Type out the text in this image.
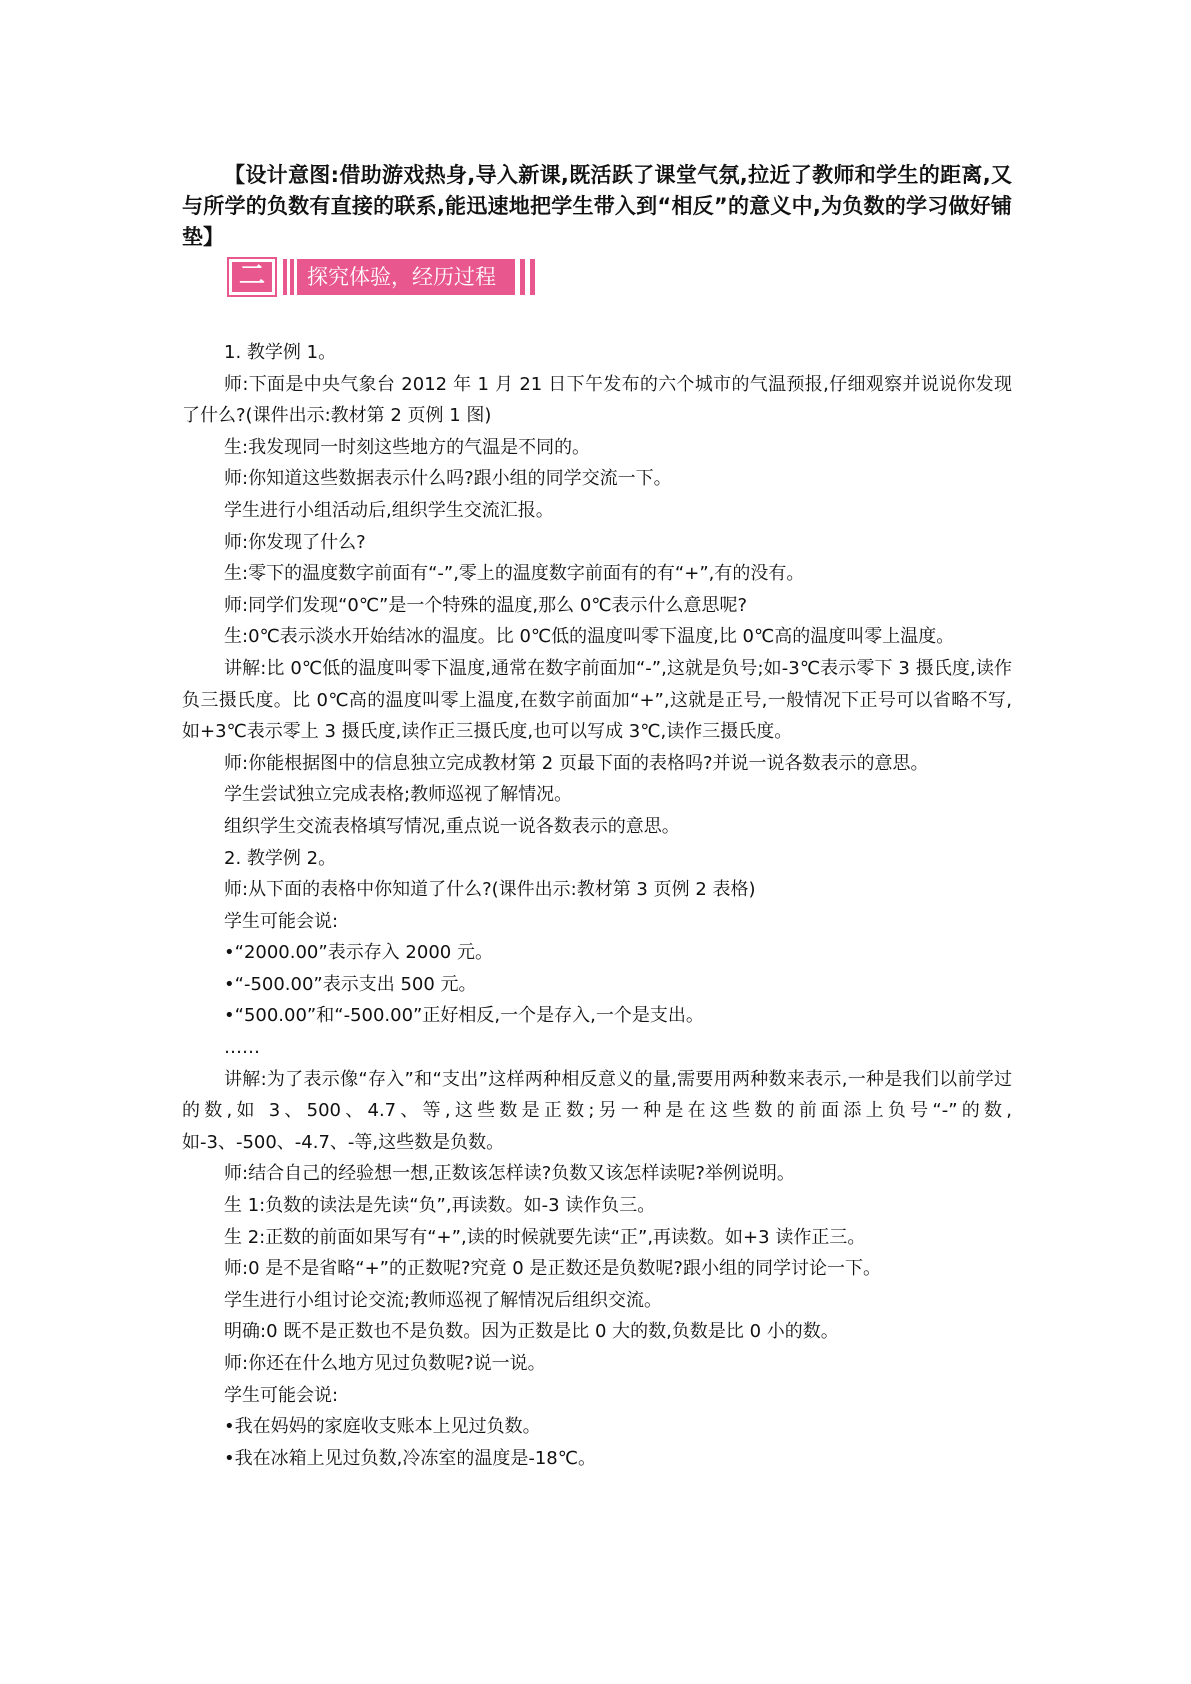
【设计意图:借助游戏热身,导入新课,既活跃了课堂气氛,拉近了教师和学生的距离,又与所学的负数有直接的联系,能迅速地把学生带入到“相反”的意义中,为负数的学习做好铺垫】

二	探究体验，经历过程

1. 教学例 1。

师:下面是中央气象台 2012 年 1 月 21 日下午发布的六个城市的气温预报,仔细观察并说说你发现了什么?(课件出示:教材第 2 页例 1 图)

生:我发现同一时刻这些地方的气温是不同的。

师:你知道这些数据表示什么吗?跟小组的同学交流一下。

学生进行小组活动后,组织学生交流汇报。

师:你发现了什么?

生:零下的温度数字前面有“-”,零上的温度数字前面有的有“+”,有的没有。

师:同学们发现“0℃”是一个特殊的温度,那么 0℃表示什么意思呢?

生:0℃表示淡水开始结冰的温度。比 0℃低的温度叫零下温度,比 0℃高的温度叫零上温度。

讲解:比 0℃低的温度叫零下温度,通常在数字前面加“-”,这就是负号;如-3℃表示零下 3 摄氏度,读作负三摄氏度。比 0℃高的温度叫零上温度,在数字前面加“+”,这就是正号,一般情况下正号可以省略不写,如+3℃表示零上 3 摄氏度,读作正三摄氏度,也可以写成 3℃,读作三摄氏度。

师:你能根据图中的信息独立完成教材第 2 页最下面的表格吗?并说一说各数表示的意思。

学生尝试独立完成表格;教师巡视了解情况。

组织学生交流表格填写情况,重点说一说各数表示的意思。

2. 教学例 2。

师:从下面的表格中你知道了什么?(课件出示:教材第 3 页例 2 表格)

学生可能会说:

•“2000.00”表示存入 2000 元。

•“-500.00”表示支出 500 元。

•“500.00”和“-500.00”正好相反,一个是存入,一个是支出。

……

讲解:为了表示像“存入”和“支出”这样两种相反意义的量,需要用两种数来表示,一种是我们以前学过的数,如 3、500、4.7、等,这些数是正数;另一种是在这些数的前面添上负号“-”的数,如-3、-500、-4.7、-等,这些数是负数。

师:结合自己的经验想一想,正数该怎样读?负数又该怎样读呢?举例说明。

生 1:负数的读法是先读“负”,再读数。如-3 读作负三。

生 2:正数的前面如果写有“+”,读的时候就要先读“正”,再读数。如+3 读作正三。

师:0 是不是省略“+”的正数呢?究竟 0 是正数还是负数呢?跟小组的同学讨论一下。

学生进行小组讨论交流;教师巡视了解情况后组织交流。

明确:0 既不是正数也不是负数。因为正数是比 0 大的数,负数是比 0 小的数。

师:你还在什么地方见过负数呢?说一说。

学生可能会说:

•我在妈妈的家庭收支账本上见过负数。

•我在冰箱上见过负数,冷冻室的温度是-18℃。
